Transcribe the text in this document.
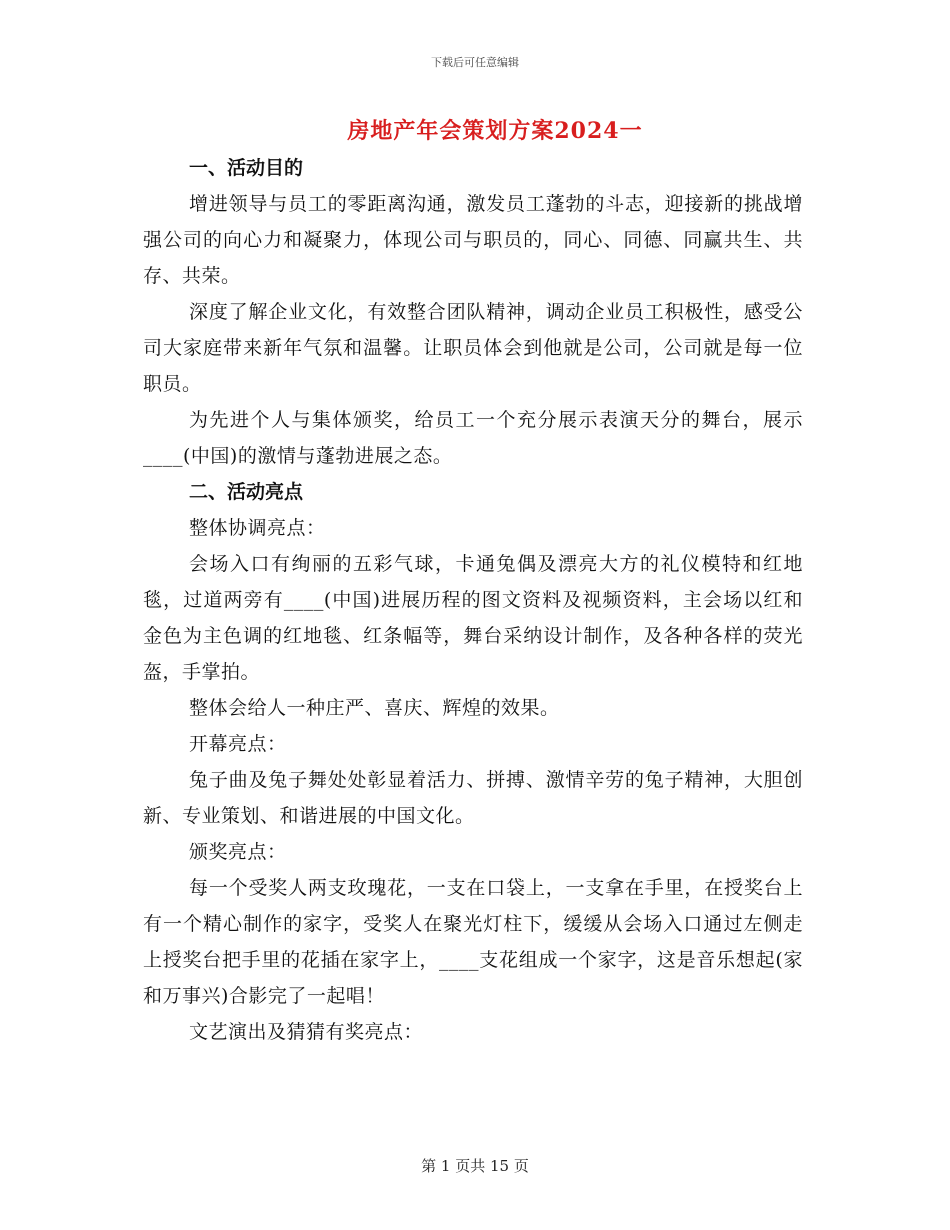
下载后可任意编辑
房地产年会策划方案2024一
一、活动目的

增进领导与员工的零距离沟通，激发员工蓬勃的斗志，迎接新的挑战增强公司的向心力和凝聚力，体现公司与职员的，同心、同德、同赢共生、共存、共荣。

深度了解企业文化，有效整合团队精神，调动企业员工积极性，感受公司大家庭带来新年气氛和温馨。让职员体会到他就是公司，公司就是每一位职员。

为先进个人与集体颁奖，给员工一个充分展示表演天分的舞台，展示____(中国)的激情与蓬勃进展之态。

二、活动亮点

整体协调亮点：

会场入口有绚丽的五彩气球，卡通兔偶及漂亮大方的礼仪模特和红地毯，过道两旁有____(中国)进展历程的图文资料及视频资料，主会场以红和金色为主色调的红地毯、红条幅等，舞台采纳设计制作，及各种各样的荧光盔，手掌拍。

整体会给人一种庄严、喜庆、辉煌的效果。

开幕亮点：

兔子曲及兔子舞处处彰显着活力、拼搏、激情辛劳的兔子精神，大胆创新、专业策划、和谐进展的中国文化。

颁奖亮点：

每一个受奖人两支玫瑰花，一支在口袋上，一支拿在手里，在授奖台上有一个精心制作的家字，受奖人在聚光灯柱下，缓缓从会场入口通过左侧走上授奖台把手里的花插在家字上，____支花组成一个家字，这是音乐想起(家和万事兴)合影完了一起唱！

文艺演出及猜猜有奖亮点：

第 1 页共 15 页
